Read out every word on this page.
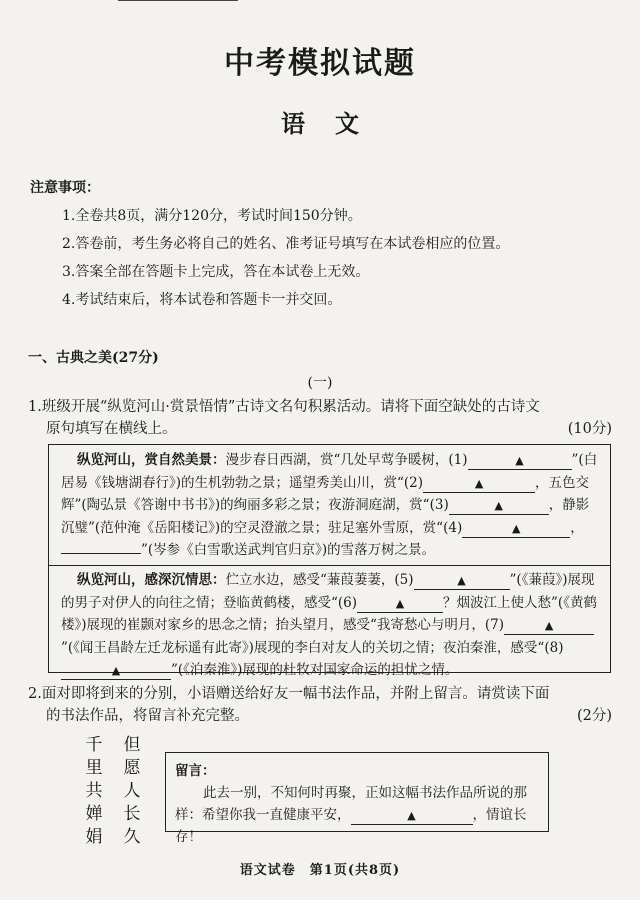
中考模拟试题
语文
注意事项：
1.全卷共8页，满分120分，考试时间150分钟。
2.答卷前，考生务必将自己的姓名、准考证号填写在本试卷相应的位置。
3.答案全部在答题卡上完成，答在本试卷上无效。
4.考试结束后，将本试卷和答题卡一并交回。
一、古典之美(27分)
(一)
1.班级开展“纵览河山·赏景悟情”古诗文名句积累活动。请将下面空缺处的古诗文
原句填写在横线上。	(10分)
纵览河山，赏自然美景：漫步春日西湖，赏“几处早莺争暖树，(1)	▲	”(白居易《钱塘湖春行》)的生机勃勃之景；遥望秀美山川，赏“(2)	▲	，五色交辉”(陶弘景《答谢中书书》)的绚丽多彩之景；夜游洞庭湖，赏“(3)	▲	，静影沉璧”(范仲淹《岳阳楼记》)的空灵澄澈之景；驻足塞外雪原，赏“(4)	▲	，”(岑参《白雪歌送武判官归京》)的雪落万树之景。
纵览河山，感深沉情思：伫立水边，感受“蒹葭萋萋，(5)	▲	”(《蒹葭》)展现的男子对伊人的向往之情；登临黄鹤楼，感受“(6)	▲	？烟波江上使人愁”(《黄鹤楼》)展现的崔颢对家乡的思念之情；抬头望月，感受“我寄愁心与明月，(7)	▲”(《闻王昌龄左迁龙标遥有此寄》)展现的李白对友人的关切之情；夜泊秦淮，感受“(8)▲	”(《泊秦淮》)展现的杜牧对国家命运的担忧之情。
2.面对即将到来的分别，小语赠送给好友一幅书法作品，并附上留言。请赏读下面
的书法作品，将留言补充完整。	(2分)
千
里
共
婵
娟
但
愿
人
长
久
留言：
此去一别，不知何时再聚，正如这幅书法作品所说的那样：希望你我一直健康平安，	▲	，情谊长存！
语文试卷　第1页(共8页)
